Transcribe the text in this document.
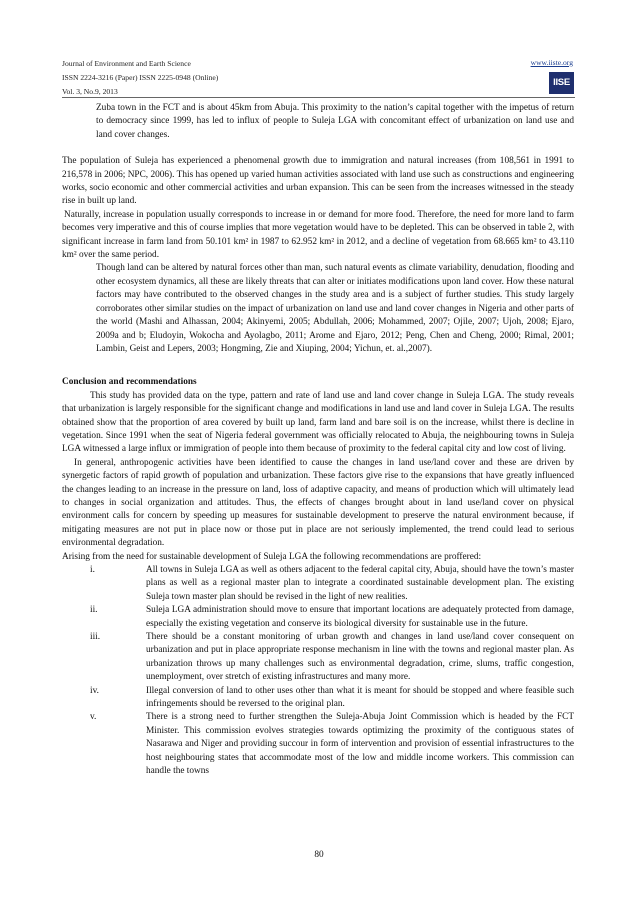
Journal of Environment and Earth Science
ISSN 2224-3216 (Paper) ISSN 2225-0948 (Online)
Vol. 3, No.9, 2013
www.iiste.org
IISE

Zuba town in the FCT and is about 45km from Abuja. This proximity to the nation’s capital together with the impetus of return to democracy since 1999, has led to influx of people to Suleja LGA with concomitant effect of urbanization on land use and land cover changes.

The population of Suleja has experienced a phenomenal growth due to immigration and natural increases (from 108,561 in 1991 to 216,578 in 2006; NPC, 2006). This has opened up varied human activities associated with land use such as constructions and engineering works, socio economic and other commercial activities and urban expansion. This can be seen from the increases witnessed in the steady rise in built up land.

Naturally, increase in population usually corresponds to increase in or demand for more food. Therefore, the need for more land to farm becomes very imperative and this of course implies that more vegetation would have to be depleted. This can be observed in table 2, with significant increase in farm land from 50.101 km² in 1987 to 62.952 km² in 2012, and a decline of vegetation from 68.665 km² to 43.110 km² over the same period.

Though land can be altered by natural forces other than man, such natural events as climate variability, denudation, flooding and other ecosystem dynamics, all these are likely threats that can alter or initiates modifications upon land cover. How these natural factors may have contributed to the observed changes in the study area and is a subject of further studies. This study largely corroborates other similar studies on the impact of urbanization on land use and land cover changes in Nigeria and other parts of the world (Mashi and Alhassan, 2004; Akinyemi, 2005; Abdullah, 2006; Mohammed, 2007; Ojile, 2007; Ujoh, 2008; Ejaro, 2009a and b; Eludoyin, Wokocha and Ayolagbo, 2011; Arome and Ejaro, 2012; Peng, Chen and Cheng, 2000; Rimal, 2001; Lambin, Geist and Lepers, 2003; Hongming, Zie and Xiuping, 2004; Yichun, et. al.,2007).

Conclusion and recommendations

This study has provided data on the type, pattern and rate of land use and land cover change in Suleja LGA. The study reveals that urbanization is largely responsible for the significant change and modifications in land use and land cover in Suleja LGA. The results obtained show that the proportion of area covered by built up land, farm land and bare soil is on the increase, whilst there is decline in vegetation. Since 1991 when the seat of Nigeria federal government was officially relocated to Abuja, the neighbouring towns in Suleja LGA witnessed a large influx or immigration of people into them because of proximity to the federal capital city and low cost of living.

In general, anthropogenic activities have been identified to cause the changes in land use/land cover and these are driven by synergetic factors of rapid growth of population and urbanization. These factors give rise to the expansions that have greatly influenced the changes leading to an increase in the pressure on land, loss of adaptive capacity, and means of production which will ultimately lead to changes in social organization and attitudes. Thus, the effects of changes brought about in land use/land cover on physical environment calls for concern by speeding up measures for sustainable development to preserve the natural environment because, if mitigating measures are not put in place now or those put in place are not seriously implemented, the trend could lead to serious environmental degradation.

Arising from the need for sustainable development of Suleja LGA the following recommendations are proffered:

i.	All towns in Suleja LGA as well as others adjacent to the federal capital city, Abuja, should have the town’s master plans as well as a regional master plan to integrate a coordinated sustainable development plan. The existing Suleja town master plan should be revised in the light of new realities.
ii.	Suleja LGA administration should move to ensure that important locations are adequately protected from damage, especially the existing vegetation and conserve its biological diversity for sustainable use in the future.
iii.	There should be a constant monitoring of urban growth and changes in land use/land cover consequent on urbanization and put in place appropriate response mechanism in line with the towns and regional master plan. As urbanization throws up many challenges such as environmental degradation, crime, slums, traffic congestion, unemployment, over stretch of existing infrastructures and many more.
iv.	Illegal conversion of land to other uses other than what it is meant for should be stopped and where feasible such infringements should be reversed to the original plan.
v.	There is a strong need to further strengthen the Suleja-Abuja Joint Commission which is headed by the FCT Minister. This commission evolves strategies towards optimizing the proximity of the contiguous states of Nasarawa and Niger and providing succour in form of intervention and provision of essential infrastructures to the host neighbouring states that accommodate most of the low and middle income workers. This commission can handle the towns
80
